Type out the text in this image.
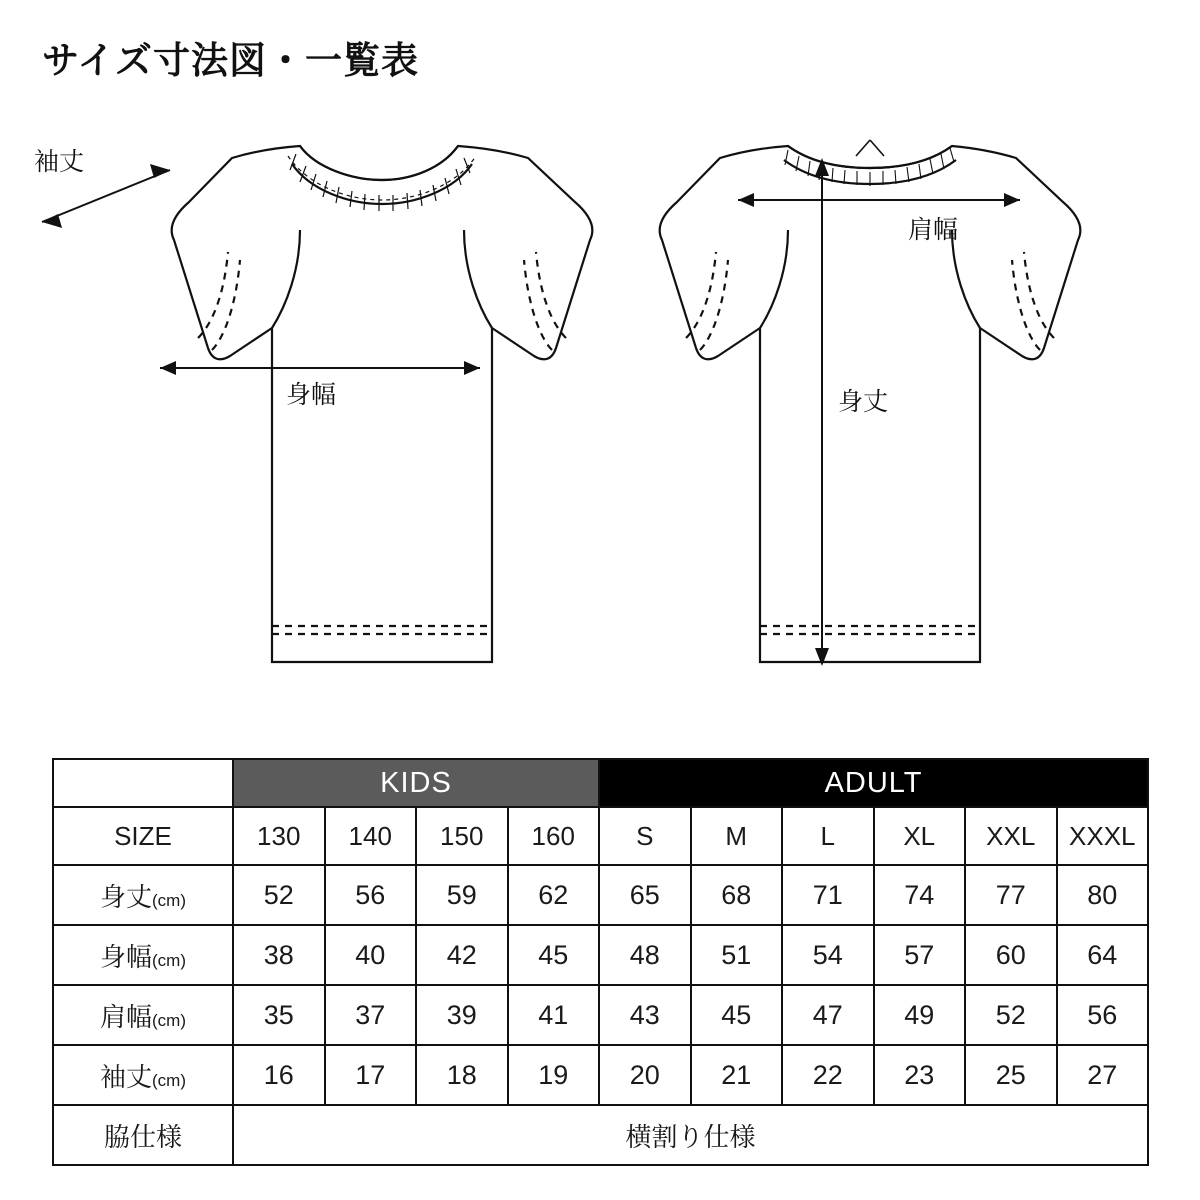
サイズ寸法図・一覧表
身幅
袖丈
肩幅
身丈
	KIDS				ADULT					
SIZE	130	140	150	160	S	M	L	XL	XXL	XXXL
身丈(cm)	52	56	59	62	65	68	71	74	77	80
身幅(cm)	38	40	42	45	48	51	54	57	60	64
肩幅(cm)	35	37	39	41	43	45	47	49	52	56
袖丈(cm)	16	17	18	19	20	21	22	23	25	27
脇仕様	横割り仕様									
